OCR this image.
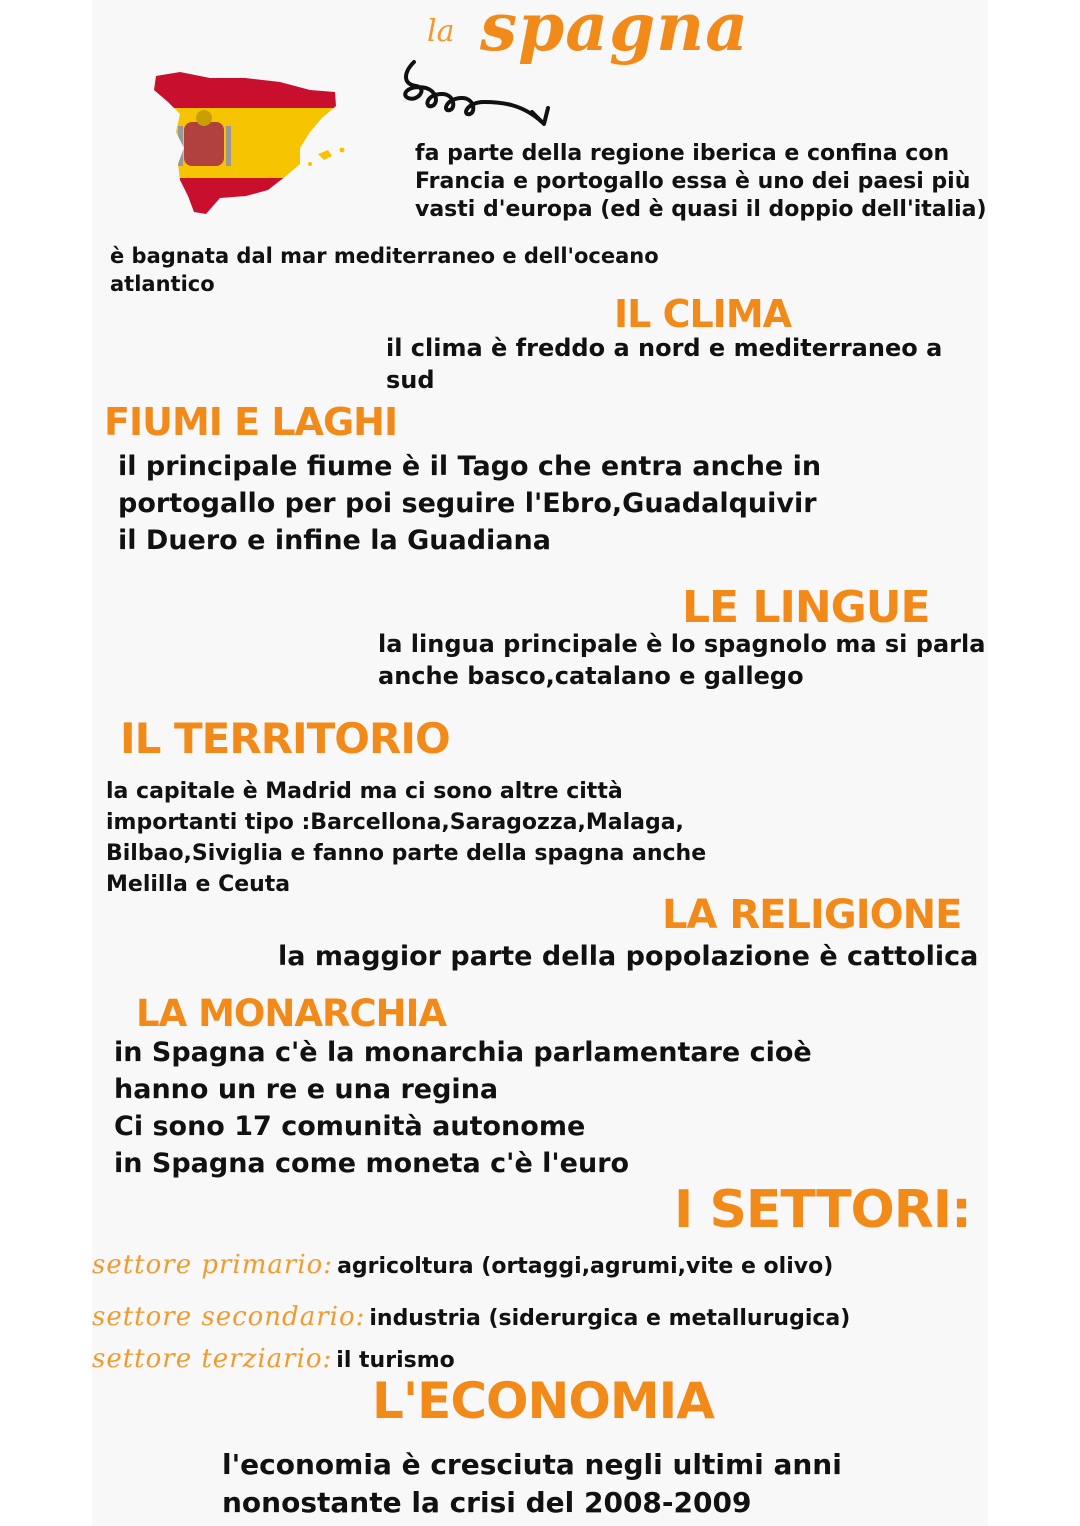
la spagna
fa parte della regione iberica e confina con
Francia e portogallo essa è uno dei paesi più
vasti d'europa (ed è quasi il doppio dell'italia)
è bagnata dal mar mediterraneo e dell'oceano
atlantico
IL CLIMA
il clima è freddo a nord e mediterraneo a
sud
FIUMI E LAGHI
il principale fiume è il Tago che entra anche in
portogallo per poi seguire l'Ebro,Guadalquivir
il Duero e infine la Guadiana
LE LINGUE
la lingua principale è lo spagnolo ma si parla
anche basco,catalano e gallego
IL TERRITORIO
la capitale è Madrid ma ci sono altre città
importanti tipo :Barcellona,Saragozza,Malaga,
Bilbao,Siviglia e fanno parte della spagna anche
Melilla e Ceuta
LA RELIGIONE
la maggior parte della popolazione è cattolica
LA MONARCHIA
in Spagna c'è la monarchia parlamentare cioè
hanno un re e una regina
Ci sono 17 comunità autonome
in Spagna come moneta c'è l'euro
I SETTORI:
settore primario: agricoltura (ortaggi,agrumi,vite e olivo)
settore secondario: industria (siderurgica e metallurugica)
settore terziario: il turismo
L'ECONOMIA
l'economia è cresciuta negli ultimi anni
nonostante la crisi del 2008-2009
